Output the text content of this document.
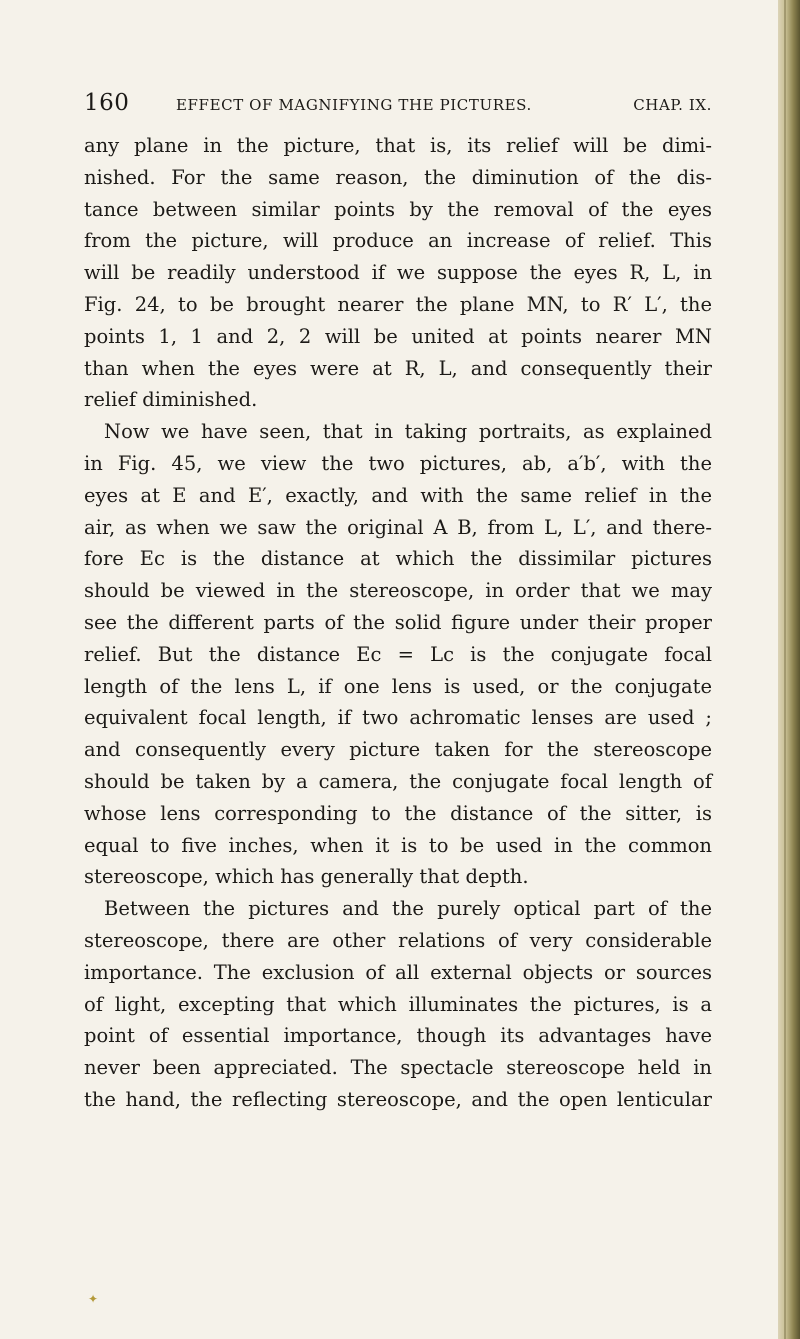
160	EFFECT OF MAGNIFYING THE PICTURES.	CHAP. IX.
any plane in the picture, that is, its relief will be dimi-
nished. For the same reason, the diminution of the dis-
tance between similar points by the removal of the eyes
from the picture, will produce an increase of relief. This
will be readily understood if we suppose the eyes R, L, in
Fig. 24, to be brought nearer the plane MN, to R′ L′, the
points 1, 1 and 2, 2 will be united at points nearer MN
than when the eyes were at R, L, and consequently their
relief diminished.
Now we have seen, that in taking portraits, as explained
in Fig. 45, we view the two pictures, ab, a′b′, with the
eyes at E and E′, exactly, and with the same relief in the
air, as when we saw the original A B, from L, L′, and there-
fore Ec is the distance at which the dissimilar pictures
should be viewed in the stereoscope, in order that we may
see the different parts of the solid figure under their proper
relief. But the distance Ec = Lc is the conjugate focal
length of the lens L, if one lens is used, or the conjugate
equivalent focal length, if two achromatic lenses are used ;
and consequently every picture taken for the stereoscope
should be taken by a camera, the conjugate focal length of
whose lens corresponding to the distance of the sitter, is
equal to five inches, when it is to be used in the common
stereoscope, which has generally that depth.
Between the pictures and the purely optical part of the
stereoscope, there are other relations of very considerable
importance. The exclusion of all external objects or sources
of light, excepting that which illuminates the pictures, is a
point of essential importance, though its advantages have
never been appreciated. The spectacle stereoscope held in
the hand, the reflecting stereoscope, and the open lenticular
✦
